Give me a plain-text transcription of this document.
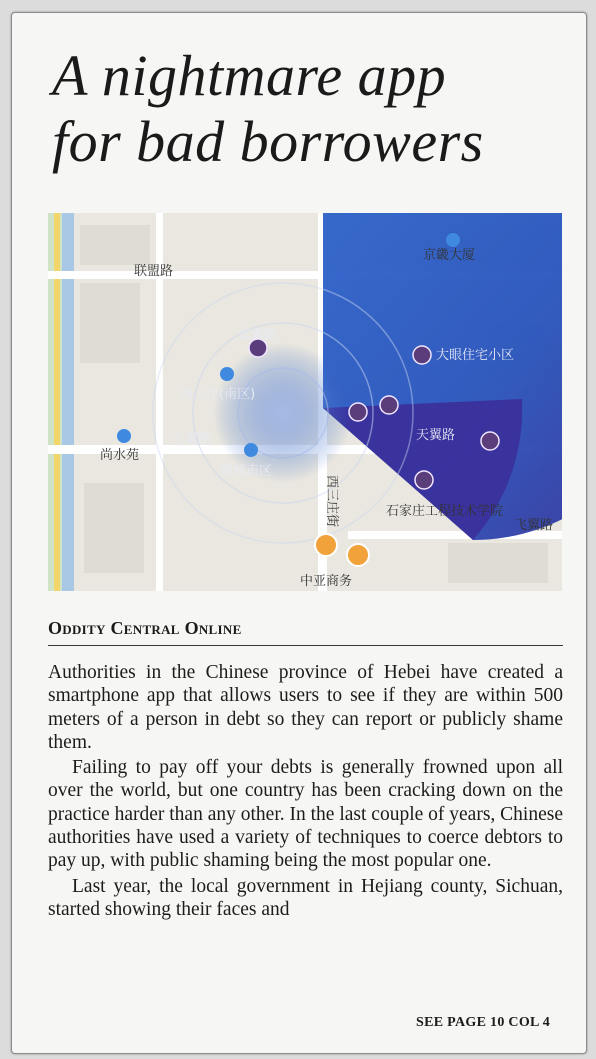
A nightmare app
for bad borrowers
联盟路
京畿大厦
蓝翼路
大眼住宅小区
西三庄(南区)
天翼路	天翼路
尚水苑
慢城南区
西三庄街	石家庄工程技术学院
飞翼路
中亚商务
Oddity Central Online

Authorities in the Chinese province of Hebei have created a smartphone app that allows users to see if they are within 500 meters of a person in debt so they can report or publicly shame them.

Failing to pay off your debts is generally frowned upon all over the world, but one country has been cracking down on the practice harder than any other. In the last couple of years, Chinese authorities have used a variety of techniques to coerce debtors to pay up, with public shaming being the most popular one.

Last year, the local government in Hejiang county, Sichuan, started showing their faces and

SEE PAGE 10 COL 4
